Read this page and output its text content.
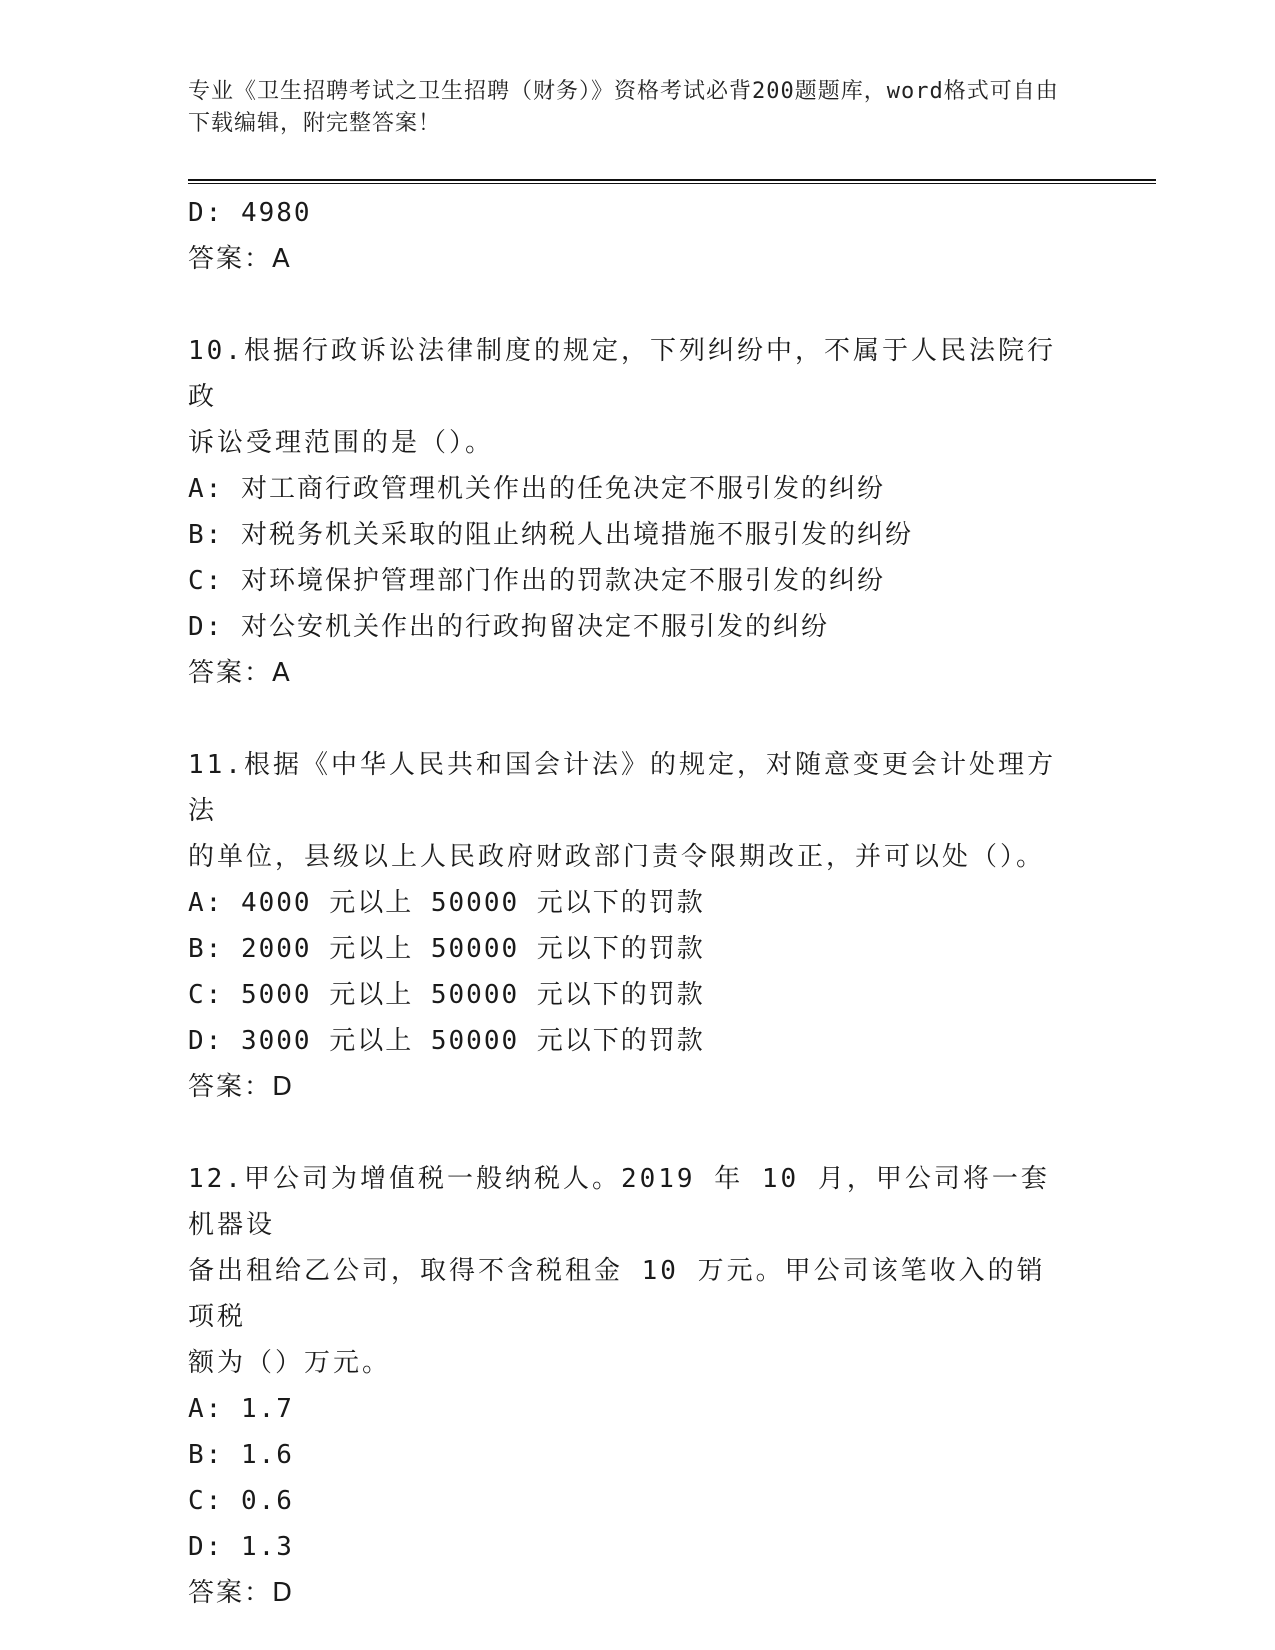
专业《卫生招聘考试之卫生招聘（财务）》资格考试必背200题题库，word格式可自由下载编辑，附完整答案！
D: 4980
答案：A
10.根据行政诉讼法律制度的规定，下列纠纷中，不属于人民法院行政
诉讼受理范围的是（）。
A: 对工商行政管理机关作出的任免决定不服引发的纠纷
B: 对税务机关采取的阻止纳税人出境措施不服引发的纠纷
C: 对环境保护管理部门作出的罚款决定不服引发的纠纷
D: 对公安机关作出的行政拘留决定不服引发的纠纷
答案：A
11.根据《中华人民共和国会计法》的规定，对随意变更会计处理方法
的单位，县级以上人民政府财政部门责令限期改正，并可以处（）。
A: 4000 元以上 50000 元以下的罚款
B: 2000 元以上 50000 元以下的罚款
C: 5000 元以上 50000 元以下的罚款
D: 3000 元以上 50000 元以下的罚款
答案：D
12.甲公司为增值税一般纳税人。2019 年 10 月，甲公司将一套机器设
备出租给乙公司，取得不含税租金 10 万元。甲公司该笔收入的销项税
额为（）万元。
A: 1.7
B: 1.6
C: 0.6
D: 1.3
答案：D
